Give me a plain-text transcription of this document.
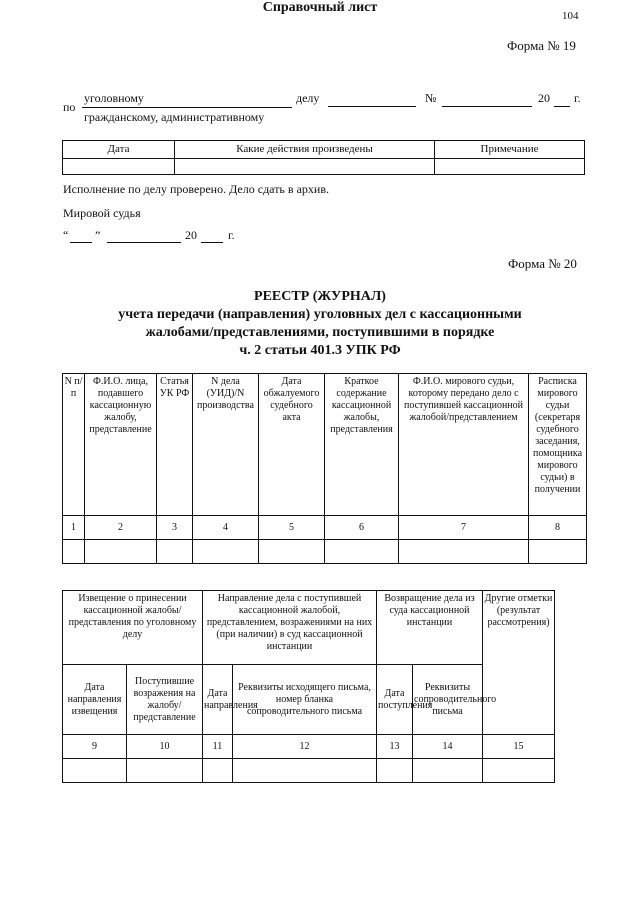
104
Форма № 19
Справочный лист
по
уголовному
гражданскому, административному
делу	№	20 г.
Дата	Какие действия произведены	Примечание

Исполнение по делу проверено. Дело сдать в архив.
Мировой судья
“ ”	20	г.
Форма № 20
РЕЕСТР (ЖУРНАЛ)
учета передачи (направления) уголовных дел с кассационными
жалобами/представлениями, поступившими в порядке
ч. 2 статьи 401.3 УПК РФ
N п/п	Ф.И.О. лица, подавшего кассационную жалобу, представление	Статья УК РФ	N дела (УИД)/N производства	Дата обжалуемого судебного акта	Краткое содержание кассационной жалобы, представления	Ф.И.О. мирового судьи, которому передано дело с поступившей кассационной жалобой/представлением	Расписка мирового судьи (секретаря судебного заседания, помощника мирового судьи) в получении
1	2	3	4	5	6	7	8

Извещение о принесении кассационной жалобы/представления по уголовному делу		Направление дела с поступившей кассационной жалобой, представлением, возражениями на них (при наличии) в суд кассационной инстанции		Возвращение дела из суда кассационной инстанции		Другие отметки (результат рассмотрения)
Дата направления извещения	Поступившие возражения на жалобу/представление	Дата направления	Реквизиты исходящего письма, номер бланка сопроводительного письма	Дата поступления	Реквизиты сопроводительного письма	
9	10	11	12	13	14	15
